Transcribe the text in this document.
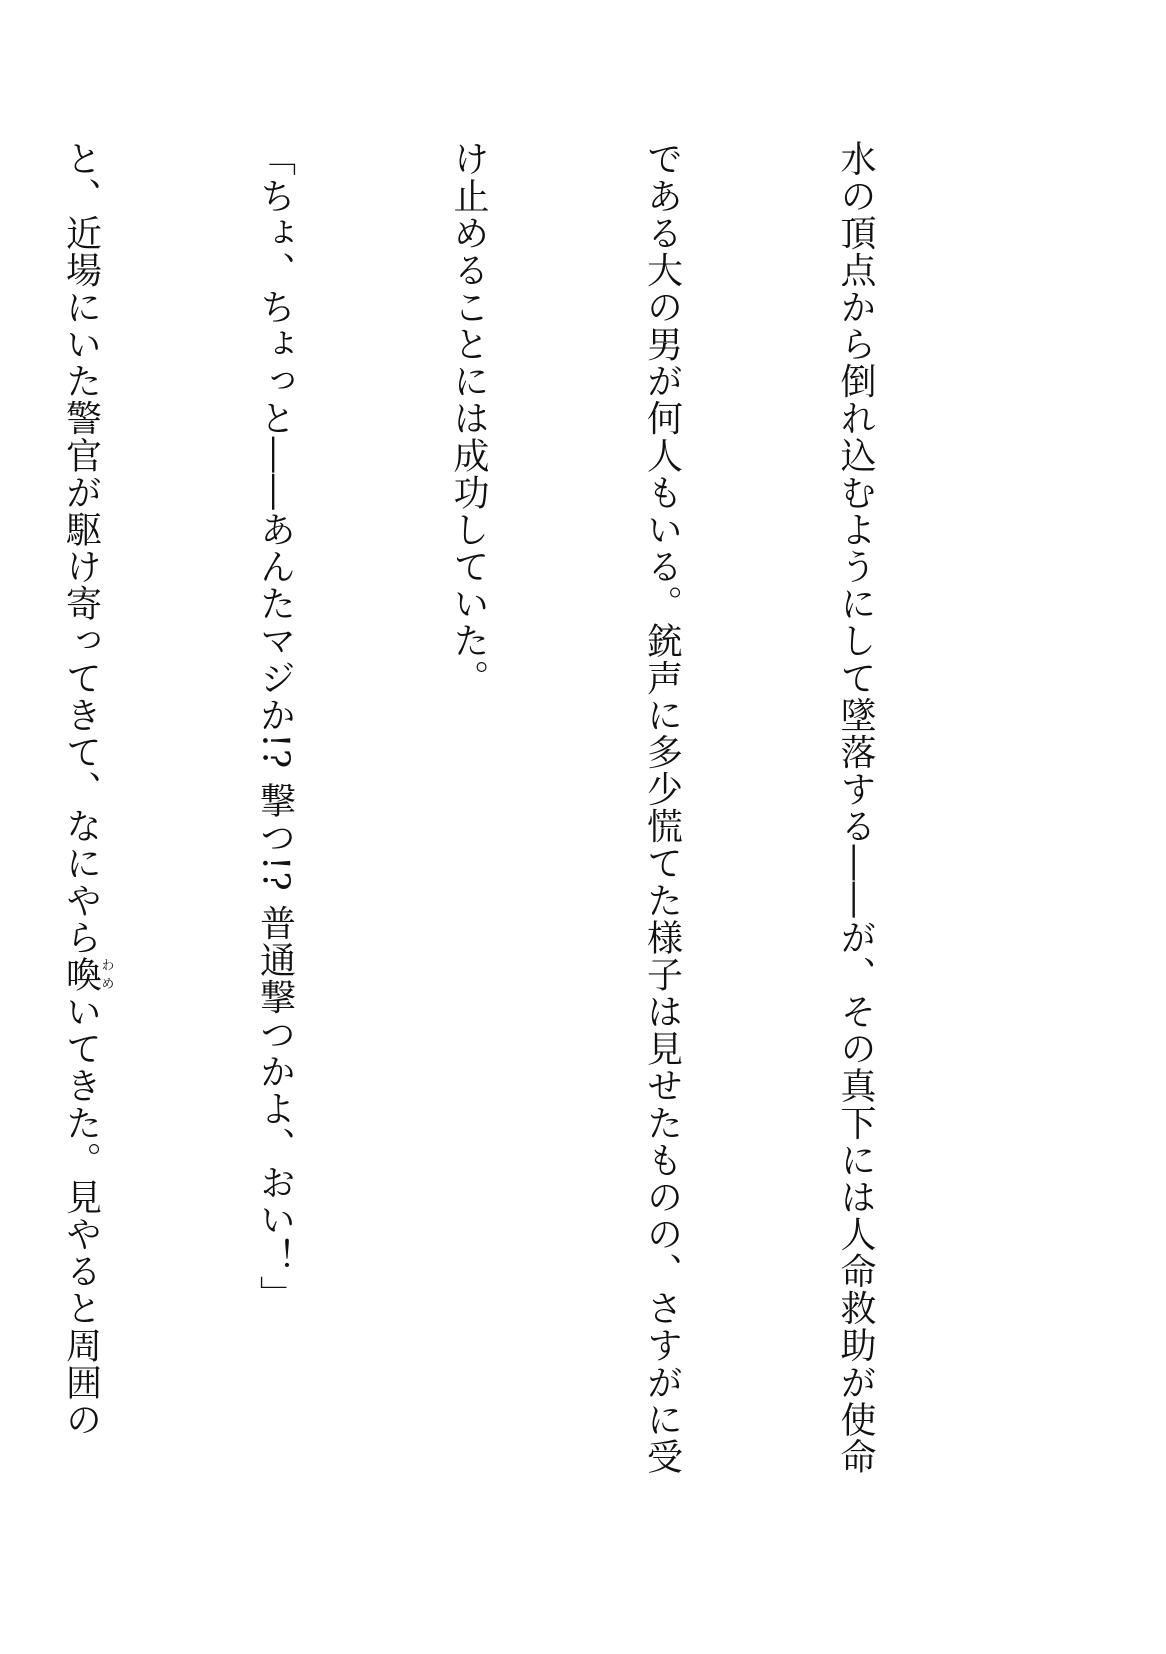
水の頂点から倒れ込むようにして墜落する――が、その真下には人命救助が使命

である大の男が何人もいる。銃声に多少慌てた様子は見せたものの、さすがに受

け止めることには成功していた。

「ちょ、ちょっと――あんたマジか!? 撃つ!? 普通撃つかよ、おい！」

と、近場にいた警官が駆け寄ってきて、なにやら喚わめいてきた。見やると周囲の
